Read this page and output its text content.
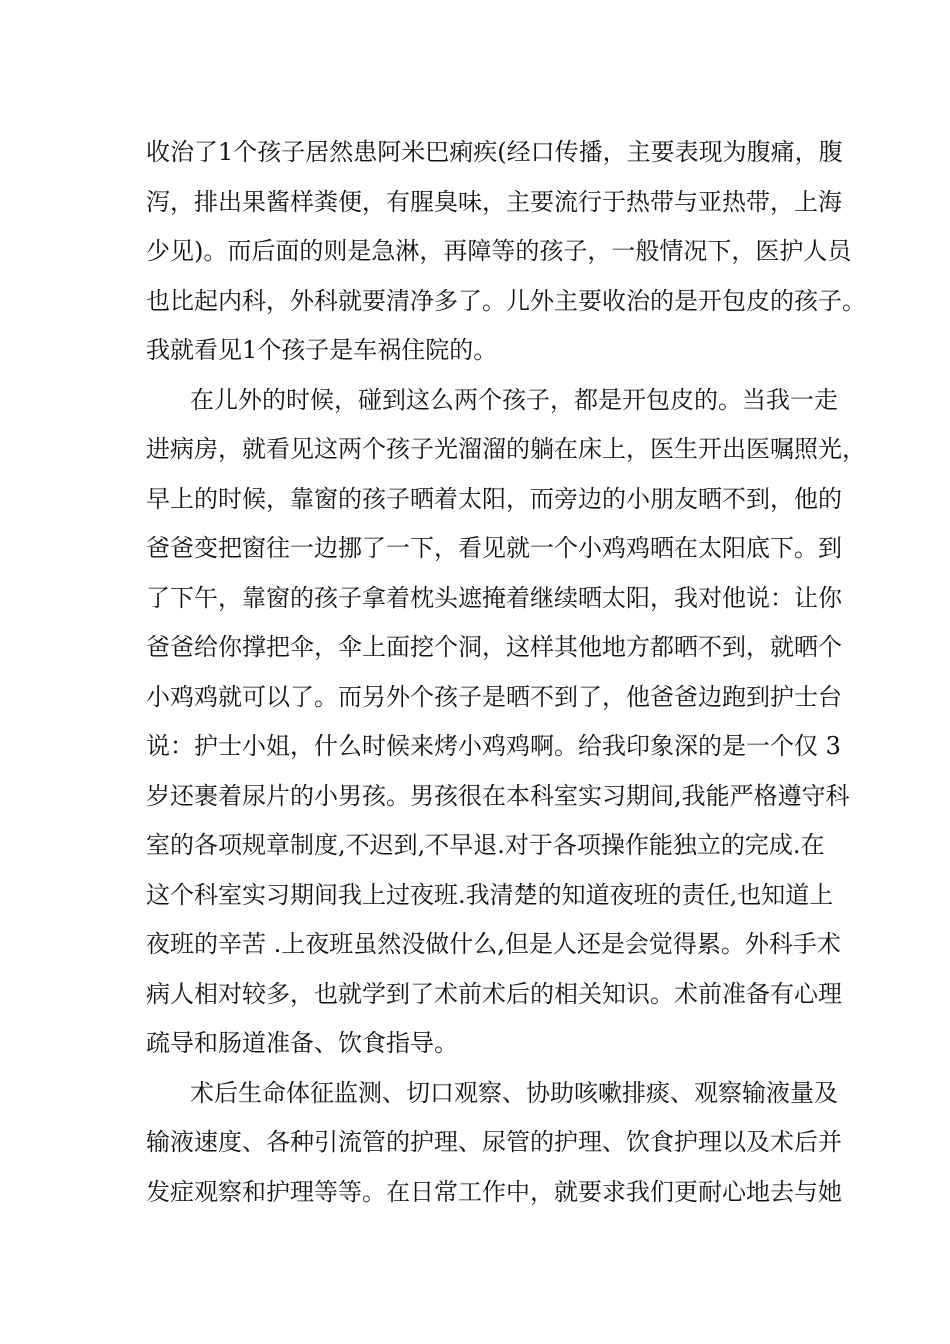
收治了1个孩子居然患阿米巴痢疾(经口传播，主要表现为腹痛，腹
泻，排出果酱样粪便，有腥臭味，主要流行于热带与亚热带，上海
少见)。而后面的则是急淋，再障等的孩子，一般情况下，医护人员
也比起内科，外科就要清净多了。儿外主要收治的是开包皮的孩子。
我就看见1个孩子是车祸住院的。
在儿外的时候，碰到这么两个孩子，都是开包皮的。当我一走
进病房，就看见这两个孩子光溜溜的躺在床上，医生开出医嘱照光，
早上的时候，靠窗的孩子晒着太阳，而旁边的小朋友晒不到，他的
爸爸变把窗往一边挪了一下，看见就一个小鸡鸡晒在太阳底下。到
了下午，靠窗的孩子拿着枕头遮掩着继续晒太阳，我对他说：让你
爸爸给你撑把伞，伞上面挖个洞，这样其他地方都晒不到，就晒个
小鸡鸡就可以了。而另外个孩子是晒不到了，他爸爸边跑到护士台
说：护士小姐，什么时候来烤小鸡鸡啊。给我印象深的是一个仅 3
岁还裹着尿片的小男孩。男孩很在本科室实习期间,我能严格遵守科
室的各项规章制度,不迟到,不早退.对于各项操作能独立的完成.在
这个科室实习期间我上过夜班.我清楚的知道夜班的责任,也知道上
夜班的辛苦 .上夜班虽然没做什么,但是人还是会觉得累。外科手术
病人相对较多，也就学到了术前术后的相关知识。术前准备有心理
疏导和肠道准备、饮食指导。
术后生命体征监测、切口观察、协助咳嗽排痰、观察输液量及
输液速度、各种引流管的护理、尿管的护理、饮食护理以及术后并
发症观察和护理等等。在日常工作中，就要求我们更耐心地去与她
